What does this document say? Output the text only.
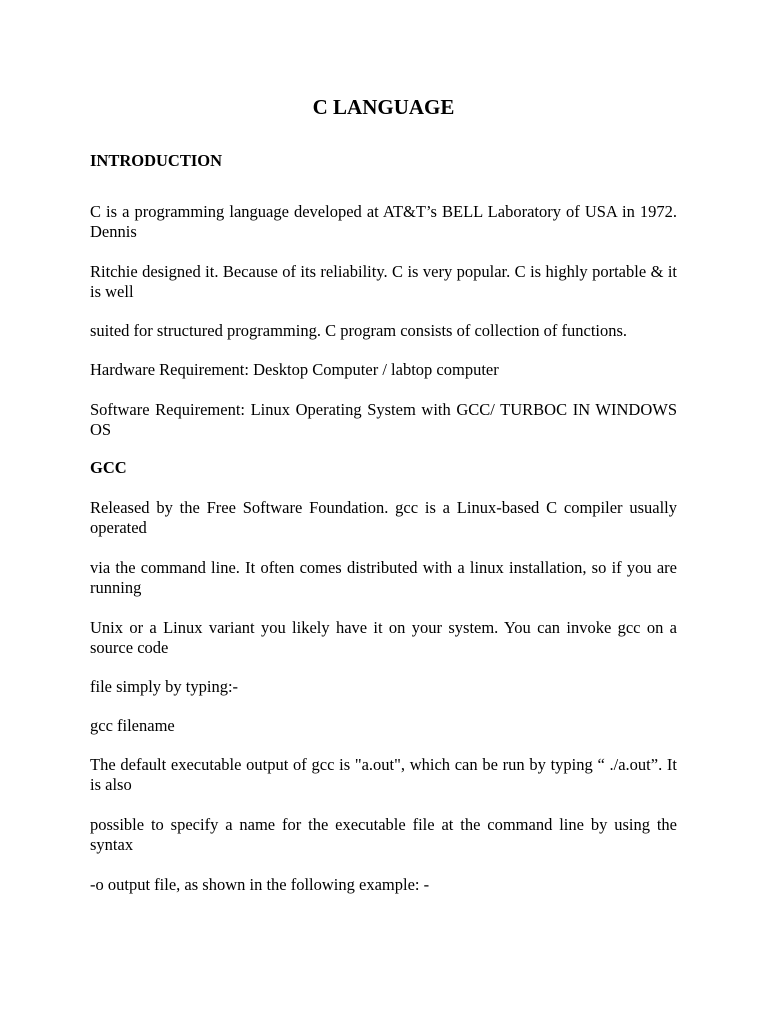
C LANGUAGE
INTRODUCTION

C is a programming language developed at AT&T’s BELL Laboratory of USA in 1972. Dennis

Ritchie designed it. Because of its reliability. C is very popular. C is highly portable & it is well

suited for structured programming. C program consists of collection of functions.

Hardware Requirement: Desktop Computer / labtop computer

Software Requirement: Linux Operating System with GCC/ TURBOC IN WINDOWS OS

GCC

Released by the Free Software Foundation. gcc is a Linux-based C compiler usually operated

via the command line. It often comes distributed with a linux installation, so if you are running

Unix or a Linux variant you likely have it on your system. You can invoke gcc on a source code

file simply by typing:-

gcc filename

The default executable output of gcc is "a.out", which can be run by typing “ ./a.out”. It is also

possible to specify a name for the executable file at the command line by using the syntax

-o output file, as shown in the following example: -
